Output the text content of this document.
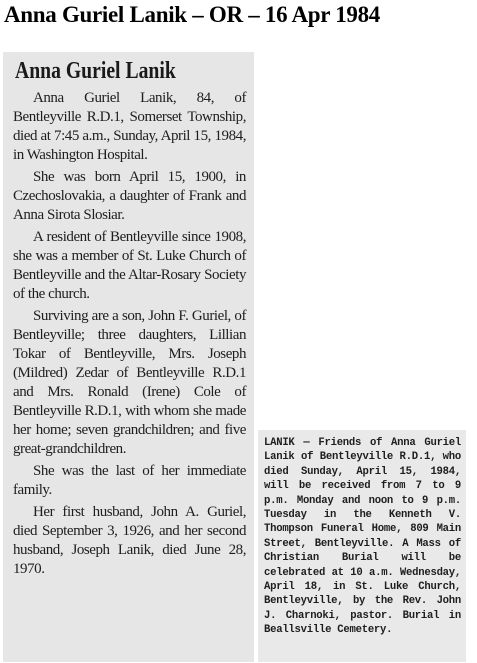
Anna Guriel Lanik – OR – 16 Apr 1984
Anna Guriel Lanik

Anna Guriel Lanik, 84, of Bentleyville R.D.1, Somerset Township, died at 7:45 a.m., Sunday, April 15, 1984, in Washington Hospital.

She was born April 15, 1900, in Czechoslovakia, a daughter of Frank and Anna Sirota Slosiar.

A resident of Bentleyville since 1908, she was a member of St. Luke Church of Bentleyville and the Altar-Rosary Society of the church.

Surviving are a son, John F. Guriel, of Bentleyville; three daughters, Lillian Tokar of Bentleyville, Mrs. Joseph (Mildred) Zedar of Bentleyville R.D.1 and Mrs. Ronald (Irene) Cole of Bentleyville R.D.1, with whom she made her home; seven grandchildren; and five great-grandchildren.

She was the last of her immediate family.

Her first husband, John A. Guriel, died September 3, 1926, and her second husband, Joseph Lanik, died June 28, 1970.

LANIK — Friends of Anna Guriel Lanik of Bentleyville R.D.1, who died Sunday, April 15, 1984, will be received from 7 to 9 p.m. Monday and noon to 9 p.m. Tuesday in the Kenneth V. Thompson Funeral Home, 809 Main Street, Bentleyville. A Mass of Christian Burial will be celebrated at 10 a.m. Wednesday, April 18, in St. Luke Church, Bentleyville, by the Rev. John J. Charnoki, pastor. Burial in Beallsville Cemetery.
